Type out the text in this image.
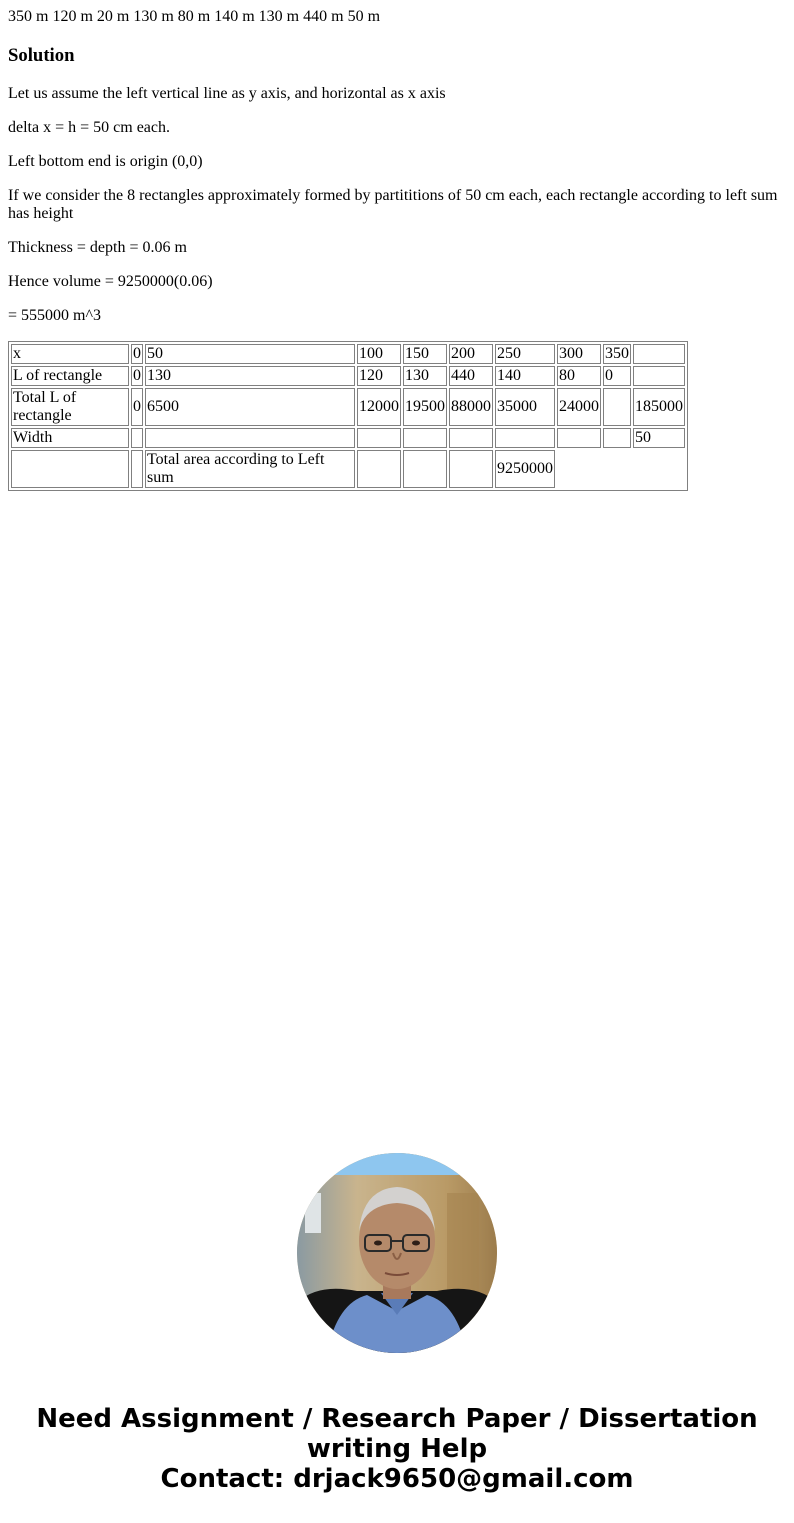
350 m 120 m 20 m 130 m 80 m 140 m 130 m 440 m 50 m

Solution

Let us assume the left vertical line as y axis, and horizontal as x axis

delta x = h = 50 cm each.

Left bottom end is origin (0,0)

If we consider the 8 rectangles approximately formed by partititions of 50 cm each, each rectangle according to left sum has height

Thickness = depth = 0.06 m

Hence volume = 9250000(0.06)

= 555000 m^3

x	0	50	100	150	200	250	300	350	
L of rectangle	0	130	120	130	440	140	80	0	
Total L of rectangle	0	6500	12000	19500	88000	35000	24000		185000
Width									50
		Total area according to Left sum				9250000			
Need Assignment / Research Paper / Dissertation
writing Help
Contact: drjack9650@gmail.com
